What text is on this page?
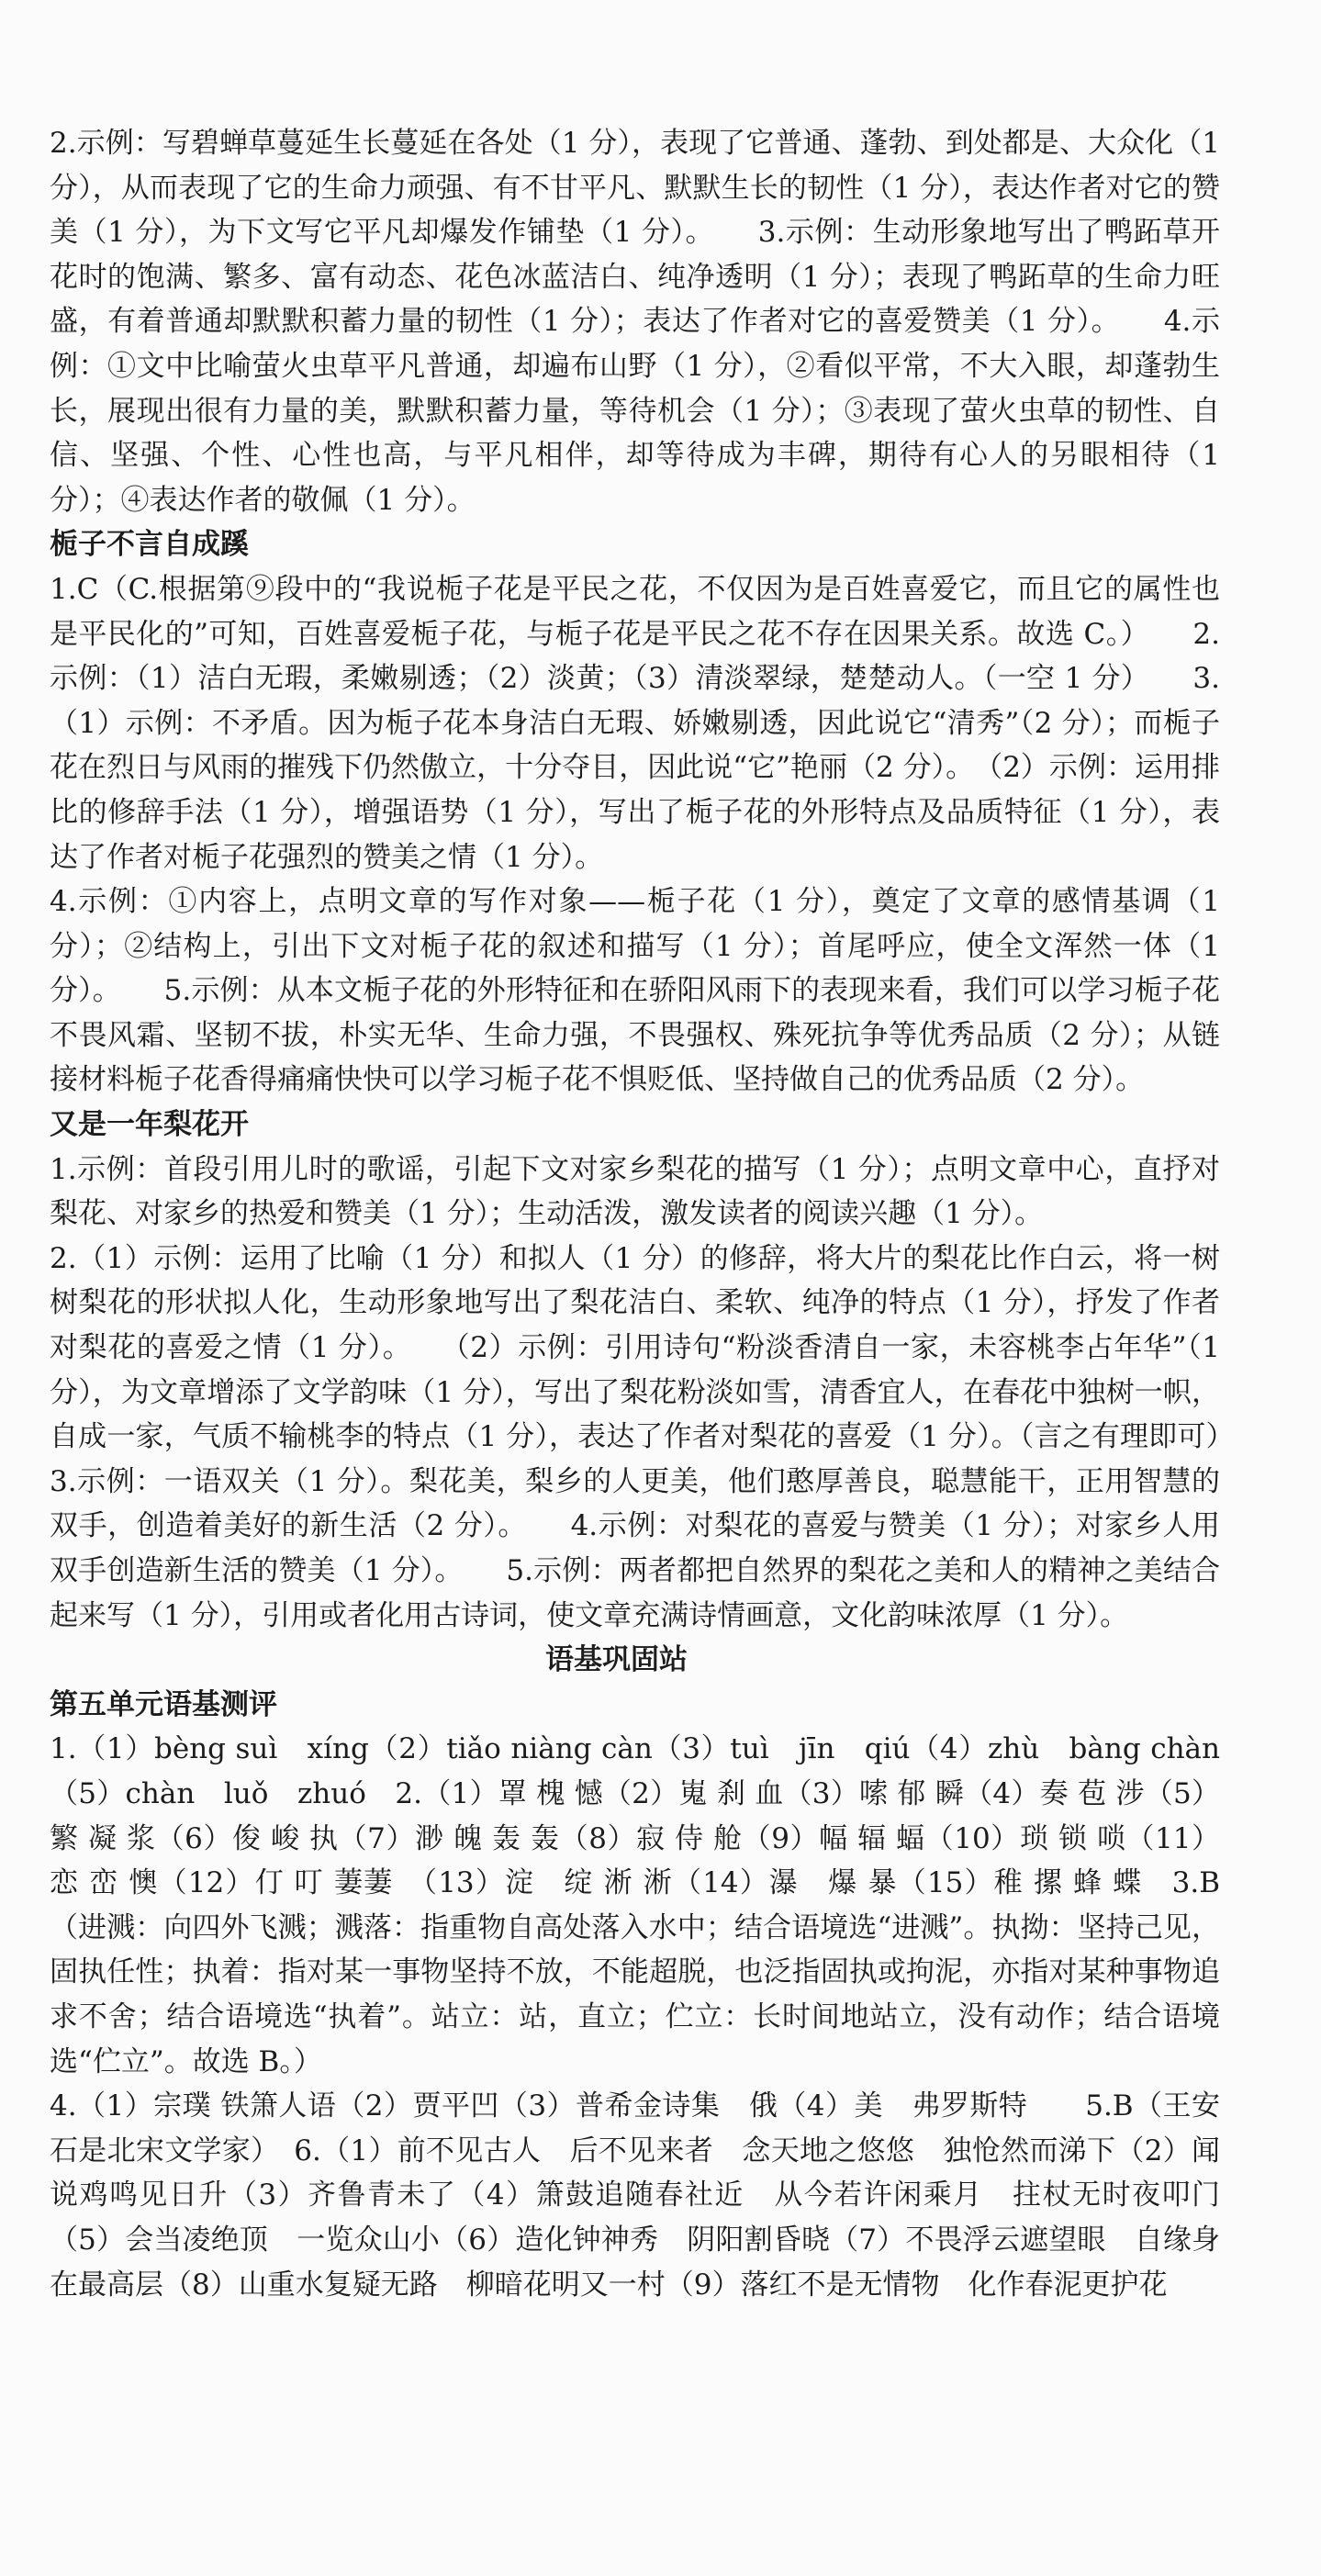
2.示例：写碧蝉草蔓延生长蔓延在各处（1 分），表现了它普通、蓬勃、到处都是、大众化（1 分），从而表现了它的生命力顽强、有不甘平凡、默默生长的韧性（1 分），表达作者对它的赞美（1 分），为下文写它平凡却爆发作铺垫（1 分）。　　3.示例：生动形象地写出了鸭跖草开花时的饱满、繁多、富有动态、花色冰蓝洁白、纯净透明（1 分）；表现了鸭跖草的生命力旺盛，有着普通却默默积蓄力量的韧性（1 分）；表达了作者对它的喜爱赞美（1 分）。　　4.示例：①文中比喻萤火虫草平凡普通，却遍布山野（1 分），②看似平常，不大入眼，却蓬勃生长，展现出很有力量的美，默默积蓄力量，等待机会（1 分）；③表现了萤火虫草的韧性、自信、坚强、个性、心性也高，与平凡相伴，却等待成为丰碑，期待有心人的另眼相待（1 分）；④表达作者的敬佩（1 分）。

栀子不言自成蹊

1.C（C.根据第⑨段中的“我说栀子花是平民之花，不仅因为是百姓喜爱它，而且它的属性也是平民化的”可知，百姓喜爱栀子花，与栀子花是平民之花不存在因果关系。故选 C。）　　2.示例：（1）洁白无瑕，柔嫩剔透；（2）淡黄；（3）清淡翠绿，楚楚动人。（一空 1 分）　　3.（1）示例：不矛盾。因为栀子花本身洁白无瑕、娇嫩剔透，因此说它“清秀”（2 分）；而栀子花在烈日与风雨的摧残下仍然傲立，十分夺目，因此说“它”艳丽（2 分）。　（2）示例：运用排比的修辞手法（1 分），增强语势（1 分），写出了栀子花的外形特点及品质特征（1 分），表达了作者对栀子花强烈的赞美之情（1 分）。

4.示例：①内容上，点明文章的写作对象——栀子花（1 分），奠定了文章的感情基调（1 分）；②结构上，引出下文对栀子花的叙述和描写（1 分）；首尾呼应，使全文浑然一体（1 分）。　　5.示例：从本文栀子花的外形特征和在骄阳风雨下的表现来看，我们可以学习栀子花不畏风霜、坚韧不拔，朴实无华、生命力强，不畏强权、殊死抗争等优秀品质（2 分）；从链接材料栀子花香得痛痛快快可以学习栀子花不惧贬低、坚持做自己的优秀品质（2 分）。

又是一年梨花开

1.示例：首段引用儿时的歌谣，引起下文对家乡梨花的描写（1 分）；点明文章中心，直抒对梨花、对家乡的热爱和赞美（1 分）；生动活泼，激发读者的阅读兴趣（1 分）。

2.（1）示例：运用了比喻（1 分）和拟人（1 分）的修辞，将大片的梨花比作白云，将一树树梨花的形状拟人化，生动形象地写出了梨花洁白、柔软、纯净的特点（1 分），抒发了作者对梨花的喜爱之情（1 分）。　　（2）示例：引用诗句“粉淡香清自一家，未容桃李占年华”（1 分），为文章增添了文学韵味（1 分），写出了梨花粉淡如雪，清香宜人，在春花中独树一帜，自成一家，气质不输桃李的特点（1 分），表达了作者对梨花的喜爱（1 分）。（言之有理即可）　　3.示例：一语双关（1 分）。梨花美，梨乡的人更美，他们憨厚善良，聪慧能干，正用智慧的双手，创造着美好的新生活（2 分）。　　4.示例：对梨花的喜爱与赞美（1 分）；对家乡人用双手创造新生活的赞美（1 分）。　　5.示例：两者都把自然界的梨花之美和人的精神之美结合起来写（1 分），引用或者化用古诗词，使文章充满诗情画意，文化韵味浓厚（1 分）。

语基巩固站
第五单元语基测评

1.（1）bèng suì　xíng（2）tiǎo niàng càn（3）tuì　jīn　qiú（4）zhù　bàng chàn（5）chàn　luǒ　zhuó　2.（1）罩 槐 憾（2）嵬 刹 血（3）嗦 郁 瞬（4）奏 苞 涉（5）繁 凝 浆（6）俊 峻 执（7）渺 魄 轰 轰（8）寂 侍 舱（9）幅 辐 蝠（10）琐 锁 唢（11）恋 峦 懊（12）仃 叮 萋萋　（13）淀　绽 淅 淅（14）瀑　爆 暴（15）稚 摞 蜂 蝶　3.B（进溅：向四外飞溅；溅落：指重物自高处落入水中；结合语境选“进溅”。执拗：坚持己见，固执任性；执着：指对某一事物坚持不放，不能超脱，也泛指固执或拘泥，亦指对某种事物追求不舍；结合语境选“执着”。站立：站，直立；伫立：长时间地站立，没有动作；结合语境选“伫立”。故选 B。）

4.（1）宗璞 铁箫人语（2）贾平凹（3）普希金诗集　俄（4）美　弗罗斯特　　5.B（王安石是北宋文学家）　6.（1）前不见古人　后不见来者　念天地之悠悠　独怆然而涕下（2）闻说鸡鸣见日升（3）齐鲁青未了（4）箫鼓追随春社近　从今若许闲乘月　拄杖无时夜叩门（5）会当凌绝顶　一览众山小（6）造化钟神秀　阴阳割昏晓（7）不畏浮云遮望眼　自缘身在最高层（8）山重水复疑无路　柳暗花明又一村（9）落红不是无情物　化作春泥更护花
